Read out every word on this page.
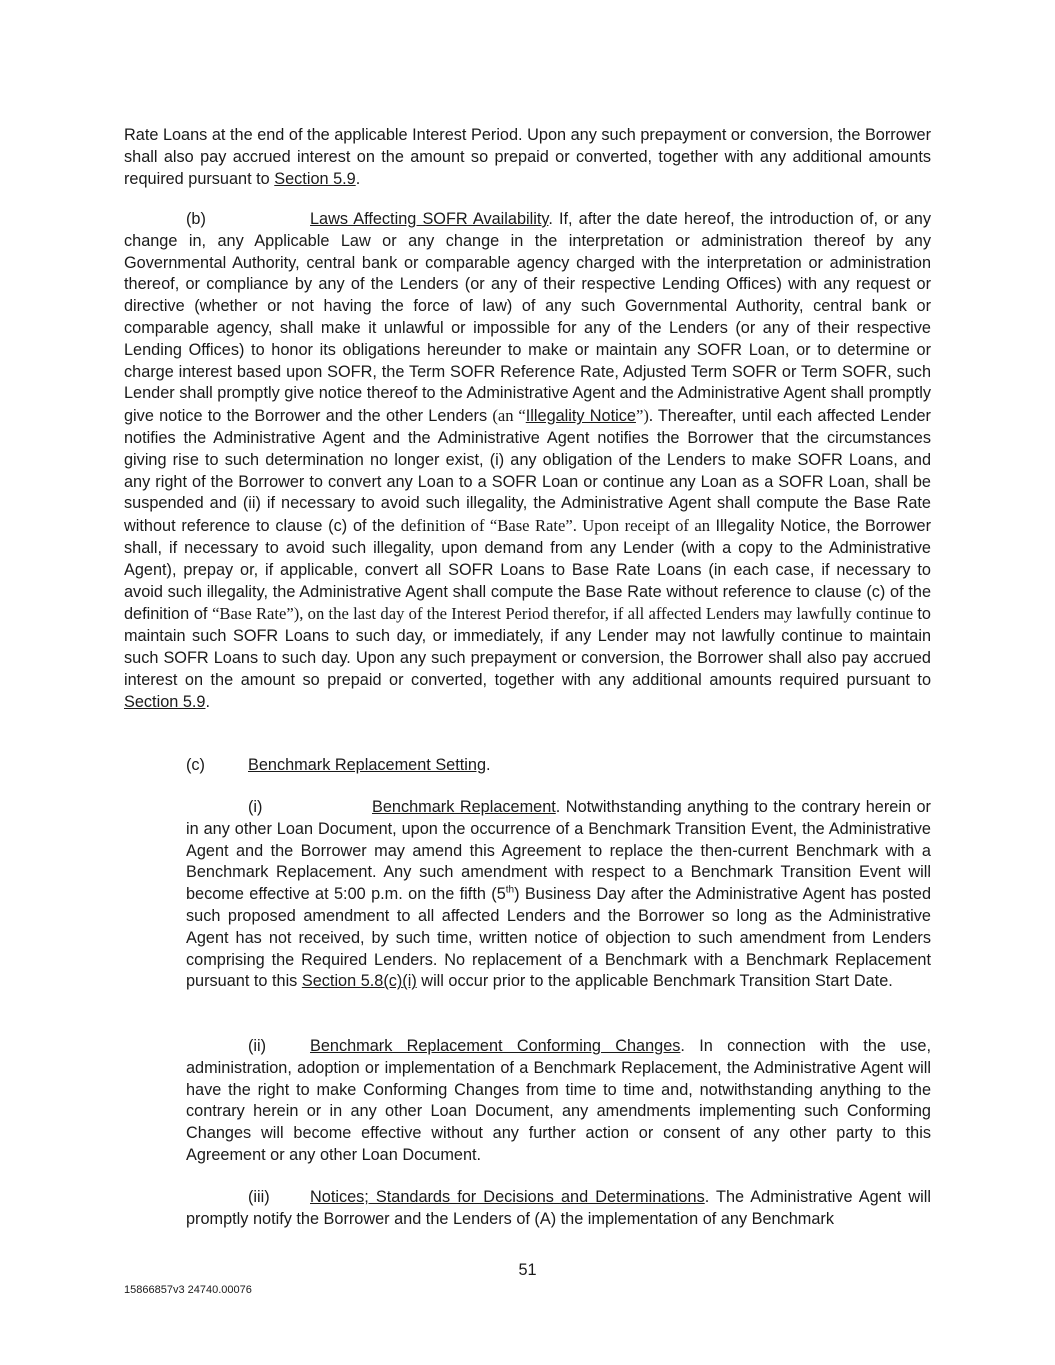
Rate Loans at the end of the applicable Interest Period. Upon any such prepayment or conversion, the Borrower shall also pay accrued interest on the amount so prepaid or converted, together with any additional amounts required pursuant to Section 5.9.

(b)	Laws Affecting SOFR Availability. If, after the date hereof, the introduction of, or any change in, any Applicable Law or any change in the interpretation or administration thereof by any Governmental Authority, central bank or comparable agency charged with the interpretation or administration thereof, or compliance by any of the Lenders (or any of their respective Lending Offices) with any request or directive (whether or not having the force of law) of any such Governmental Authority, central bank or comparable agency, shall make it unlawful or impossible for any of the Lenders (or any of their respective Lending Offices) to honor its obligations hereunder to make or maintain any SOFR Loan, or to determine or charge interest based upon SOFR, the Term SOFR Reference Rate, Adjusted Term SOFR or Term SOFR, such Lender shall promptly give notice thereof to the Administrative Agent and the Administrative Agent shall promptly give notice to the Borrower and the other Lenders (an “Illegality Notice”). Thereafter, until each affected Lender notifies the Administrative Agent and the Administrative Agent notifies the Borrower that the circumstances giving rise to such determination no longer exist, (i) any obligation of the Lenders to make SOFR Loans, and any right of the Borrower to convert any Loan to a SOFR Loan or continue any Loan as a SOFR Loan, shall be suspended and (ii) if necessary to avoid such illegality, the Administrative Agent shall compute the Base Rate without reference to clause (c) of the definition of “Base Rate”. Upon receipt of an Illegality Notice, the Borrower shall, if necessary to avoid such illegality, upon demand from any Lender (with a copy to the Administrative Agent), prepay or, if applicable, convert all SOFR Loans to Base Rate Loans (in each case, if necessary to avoid such illegality, the Administrative Agent shall compute the Base Rate without reference to clause (c) of the definition of “Base Rate”), on the last day of the Interest Period therefor, if all affected Lenders may lawfully continue to maintain such SOFR Loans to such day, or immediately, if any Lender may not lawfully continue to maintain such SOFR Loans to such day. Upon any such prepayment or conversion, the Borrower shall also pay accrued interest on the amount so prepaid or converted, together with any additional amounts required pursuant to Section 5.9.

(c)	Benchmark Replacement Setting.

(i)	Benchmark Replacement. Notwithstanding anything to the contrary herein or in any other Loan Document, upon the occurrence of a Benchmark Transition Event, the Administrative Agent and the Borrower may amend this Agreement to replace the then-current Benchmark with a Benchmark Replacement. Any such amendment with respect to a Benchmark Transition Event will become effective at 5:00 p.m. on the fifth (5th) Business Day after the Administrative Agent has posted such proposed amendment to all affected Lenders and the Borrower so long as the Administrative Agent has not received, by such time, written notice of objection to such amendment from Lenders comprising the Required Lenders. No replacement of a Benchmark with a Benchmark Replacement pursuant to this Section 5.8(c)(i) will occur prior to the applicable Benchmark Transition Start Date.

(ii)	Benchmark Replacement Conforming Changes. In connection with the use, administration, adoption or implementation of a Benchmark Replacement, the Administrative Agent will have the right to make Conforming Changes from time to time and, notwithstanding anything to the contrary herein or in any other Loan Document, any amendments implementing such Conforming Changes will become effective without any further action or consent of any other party to this Agreement or any other Loan Document.

(iii) Notices; Standards for Decisions and Determinations. The Administrative Agent will promptly notify the Borrower and the Lenders of (A) the implementation of any Benchmark

51
15866857v3 24740.00076
